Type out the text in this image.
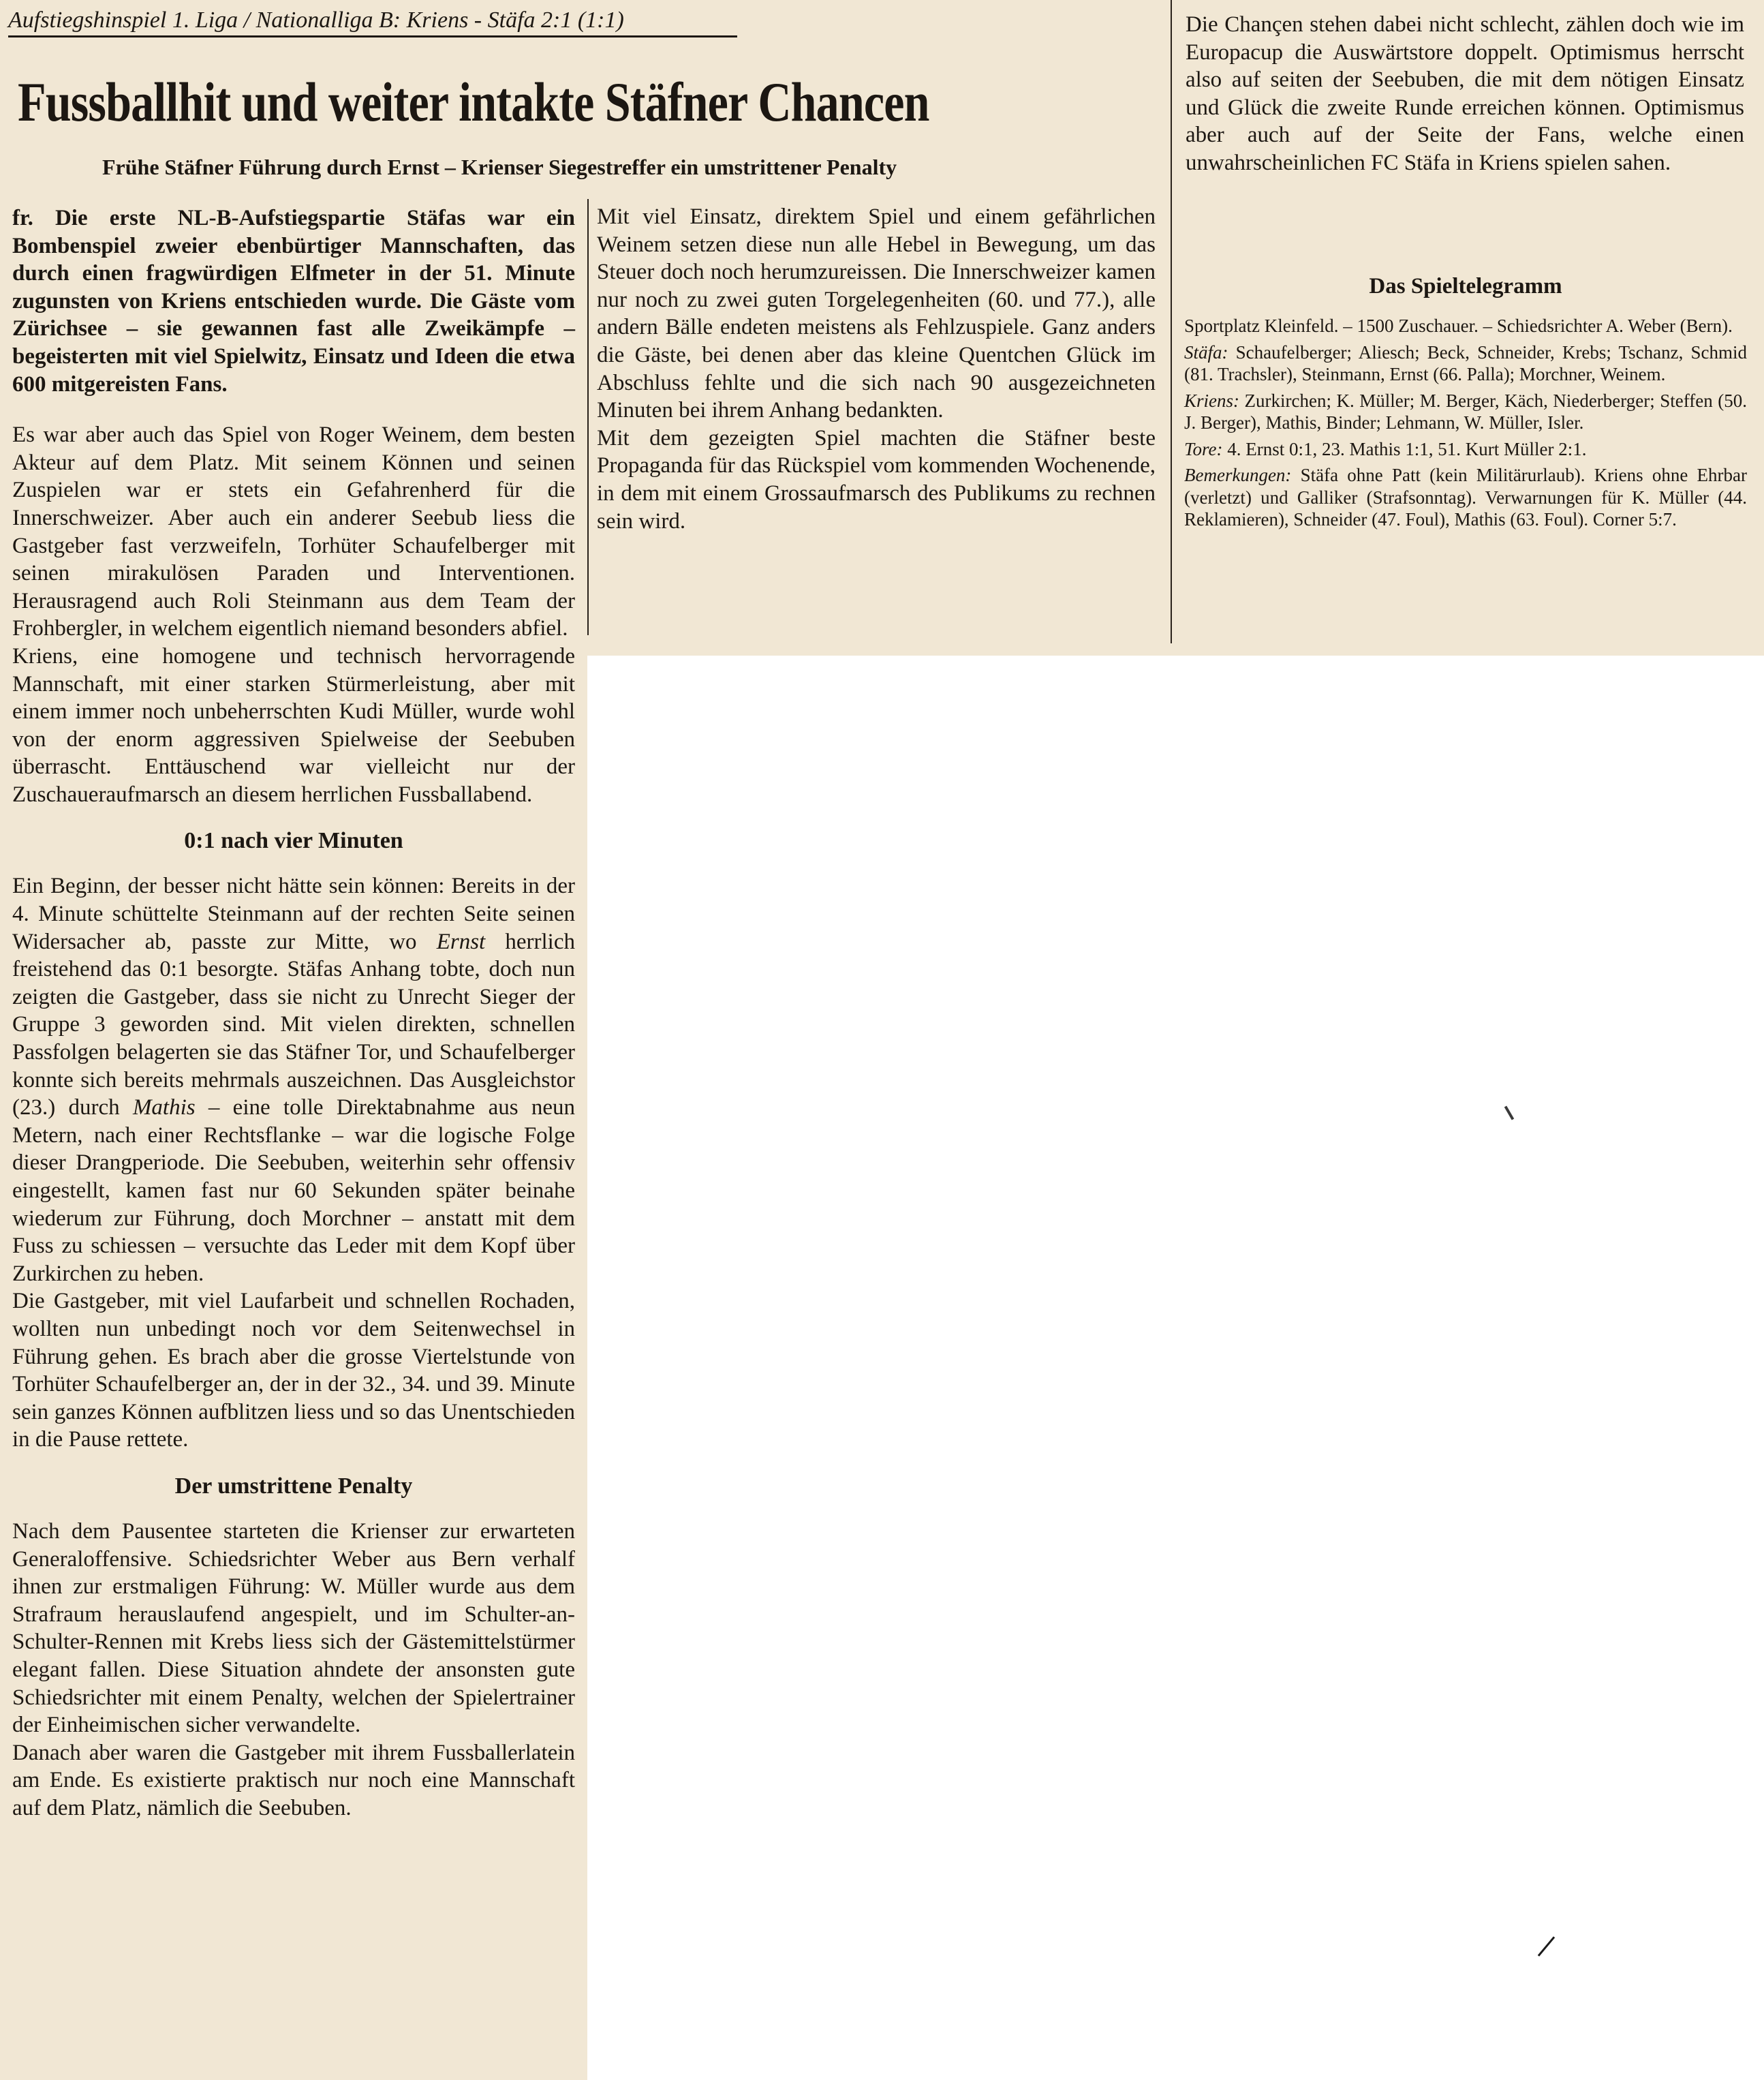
Aufstiegshinspiel 1. Liga / Nationalliga B: Kriens - Stäfa 2:1 (1:1)
Fussballhit und weiter intakte Stäfner Chancen
Frühe Stäfner Führung durch Ernst – Krienser Siegestreffer ein umstrittener Penalty

fr. Die erste NL-B-Aufstiegspartie Stäfas war ein Bombenspiel zweier ebenbürtiger Mannschaften, das durch einen fragwürdigen Elfmeter in der 51. Minute zugunsten von Kriens entschieden wurde. Die Gäste vom Zürichsee – sie gewannen fast alle Zweikämpfe – begeisterten mit viel Spielwitz, Einsatz und Ideen die etwa 600 mitgereisten Fans.

Es war aber auch das Spiel von Roger Weinem, dem besten Akteur auf dem Platz. Mit seinem Können und seinen Zuspielen war er stets ein Gefahrenherd für die Innerschweizer. Aber auch ein anderer Seebub liess die Gastgeber fast verzweifeln, Torhüter Schaufelberger mit seinen mirakulösen Paraden und Interventionen. Herausragend auch Roli Steinmann aus dem Team der Frohbergler, in welchem eigentlich niemand besonders abfiel.

Kriens, eine homogene und technisch hervorragende Mannschaft, mit einer starken Stürmerleistung, aber mit einem immer noch unbeherrschten Kudi Müller, wurde wohl von der enorm aggressiven Spielweise der Seebuben überrascht. Enttäuschend war vielleicht nur der Zuschaueraufmarsch an diesem herrlichen Fussballabend.

0:1 nach vier Minuten

Ein Beginn, der besser nicht hätte sein können: Bereits in der 4. Minute schüttelte Steinmann auf der rechten Seite seinen Widersacher ab, passte zur Mitte, wo Ernst herrlich freistehend das 0:1 besorgte. Stäfas Anhang tobte, doch nun zeigten die Gastgeber, dass sie nicht zu Unrecht Sieger der Gruppe 3 geworden sind. Mit vielen direkten, schnellen Passfolgen belagerten sie das Stäfner Tor, und Schaufelberger konnte sich bereits mehrmals auszeichnen. Das Ausgleichstor (23.) durch Mathis – eine tolle Direktabnahme aus neun Metern, nach einer Rechtsflanke – war die logische Folge dieser Drangperiode. Die Seebuben, weiterhin sehr offensiv eingestellt, kamen fast nur 60 Sekunden später beinahe wiederum zur Führung, doch Morchner – anstatt mit dem Fuss zu schiessen – versuchte das Leder mit dem Kopf über Zurkirchen zu heben.

Die Gastgeber, mit viel Laufarbeit und schnellen Rochaden, wollten nun unbedingt noch vor dem Seitenwechsel in Führung gehen. Es brach aber die grosse Viertelstunde von Torhüter Schaufelberger an, der in der 32., 34. und 39. Minute sein ganzes Können aufblitzen liess und so das Unentschieden in die Pause rettete.

Der umstrittene Penalty

Nach dem Pausentee starteten die Krienser zur erwarteten Generaloffensive. Schiedsrichter Weber aus Bern verhalf ihnen zur erstmaligen Führung: W. Müller wurde aus dem Strafraum herauslaufend angespielt, und im Schulter-an-Schulter-Rennen mit Krebs liess sich der Gästemittelstürmer elegant fallen. Diese Situation ahndete der ansonsten gute Schiedsrichter mit einem Penalty, welchen der Spielertrainer der Einheimischen sicher verwandelte.

Danach aber waren die Gastgeber mit ihrem Fussballerlatein am Ende. Es existierte praktisch nur noch eine Mannschaft auf dem Platz, nämlich die Seebuben.

Mit viel Einsatz, direktem Spiel und einem gefährlichen Weinem setzen diese nun alle Hebel in Bewegung, um das Steuer doch noch herumzureissen. Die Innerschweizer kamen nur noch zu zwei guten Torgelegenheiten (60. und 77.), alle andern Bälle endeten meistens als Fehlzuspiele. Ganz anders die Gäste, bei denen aber das kleine Quentchen Glück im Abschluss fehlte und die sich nach 90 ausgezeichneten Minuten bei ihrem Anhang bedankten.

Mit dem gezeigten Spiel machten die Stäfner beste Propaganda für das Rückspiel vom kommenden Wochenende, in dem mit einem Grossaufmarsch des Publikums zu rechnen sein wird.

Die Chançen stehen dabei nicht schlecht, zählen doch wie im Europacup die Auswärtstore doppelt. Optimismus herrscht also auf seiten der Seebuben, die mit dem nötigen Einsatz und Glück die zweite Runde erreichen können. Optimismus aber auch auf der Seite der Fans, welche einen unwahrscheinlichen FC Stäfa in Kriens spielen sahen.

Das Spieltelegramm

Sportplatz Kleinfeld. – 1500 Zuschauer. – Schiedsrichter A. Weber (Bern).

Stäfa: Schaufelberger; Aliesch; Beck, Schneider, Krebs; Tschanz, Schmid (81. Trachsler), Steinmann, Ernst (66. Palla); Morchner, Weinem.

Kriens: Zurkirchen; K. Müller; M. Berger, Käch, Niederberger; Steffen (50. J. Berger), Mathis, Binder; Lehmann, W. Müller, Isler.

Tore: 4. Ernst 0:1, 23. Mathis 1:1, 51. Kurt Müller 2:1.

Bemerkungen: Stäfa ohne Patt (kein Militärurlaub). Kriens ohne Ehrbar (verletzt) und Galliker (Strafsonntag). Verwarnungen für K. Müller (44. Reklamieren), Schneider (47. Foul), Mathis (63. Foul). Corner 5:7.
